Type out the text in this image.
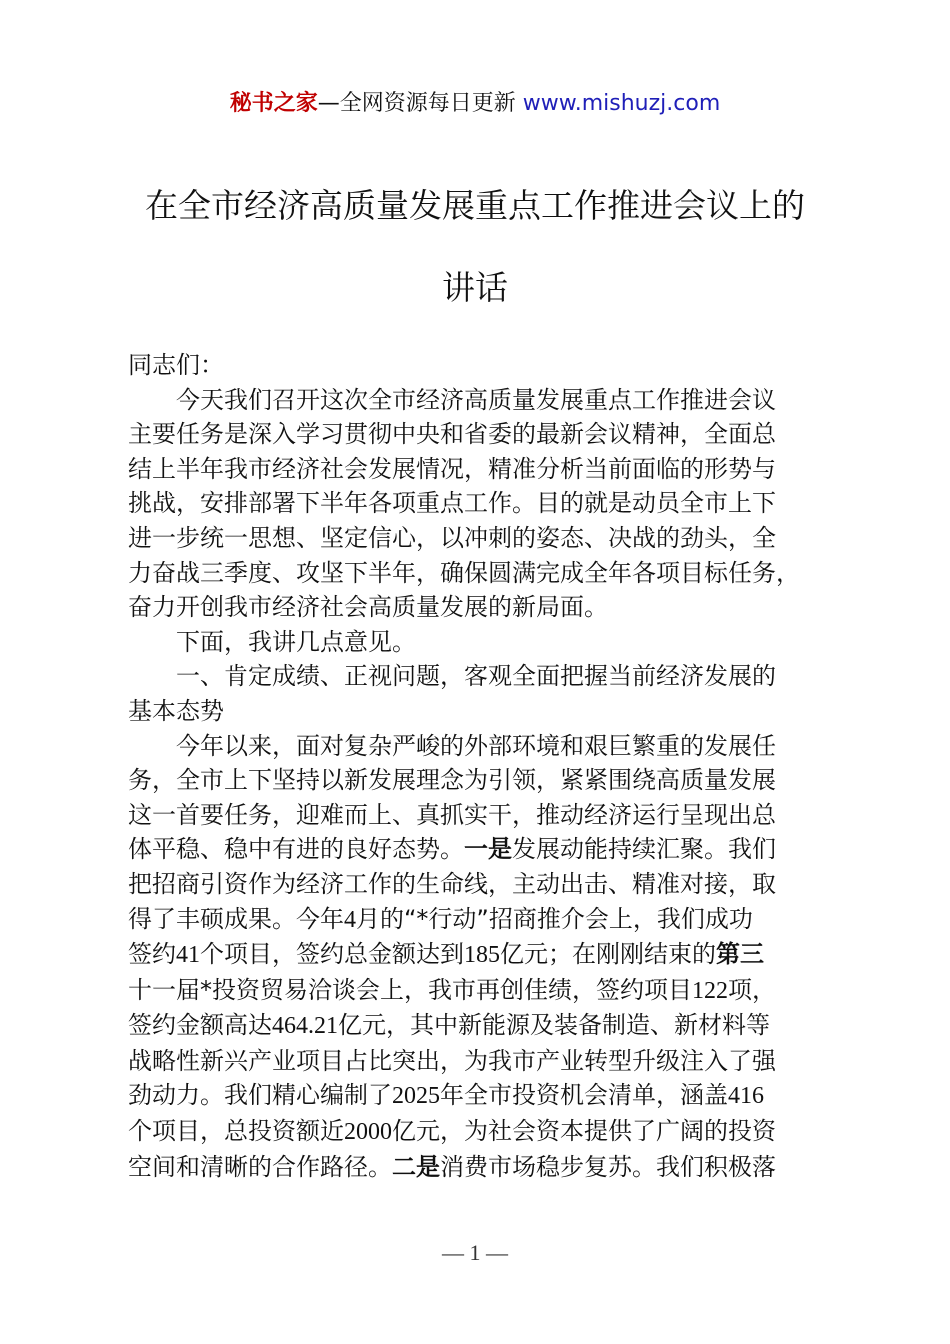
秘书之家—全网资源每日更新 www.mishuzj.com
在全市经济高质量发展重点工作推进会议上的
讲话

同志们：

今天我们召开这次全市经济高质量发展重点工作推进会议

主要任务是深入学习贯彻中央和省委的最新会议精神，全面总

结上半年我市经济社会发展情况，精准分析当前面临的形势与

挑战，安排部署下半年各项重点工作。目的就是动员全市上下

进一步统一思想、坚定信心，以冲刺的姿态、决战的劲头，全

力奋战三季度、攻坚下半年，确保圆满完成全年各项目标任务，

奋力开创我市经济社会高质量发展的新局面。

下面，我讲几点意见。

一、肯定成绩、正视问题，客观全面把握当前经济发展的

基本态势

今年以来，面对复杂严峻的外部环境和艰巨繁重的发展任

务，全市上下坚持以新发展理念为引领，紧紧围绕高质量发展

这一首要任务，迎难而上、真抓实干，推动经济运行呈现出总

体平稳、稳中有进的良好态势。一是发展动能持续汇聚。我们

把招商引资作为经济工作的生命线，主动出击、精准对接，取

得了丰硕成果。今年4月的“*行动”招商推介会上，我们成功

签约41个项目，签约总金额达到185亿元；在刚刚结束的第三

十一届*投资贸易洽谈会上，我市再创佳绩，签约项目122项，

签约金额高达464.21亿元，其中新能源及装备制造、新材料等

战略性新兴产业项目占比突出，为我市产业转型升级注入了强

劲动力。我们精心编制了2025年全市投资机会清单，涵盖416

个项目，总投资额近2000亿元，为社会资本提供了广阔的投资

空间和清晰的合作路径。二是消费市场稳步复苏。我们积极落

— 1 —
